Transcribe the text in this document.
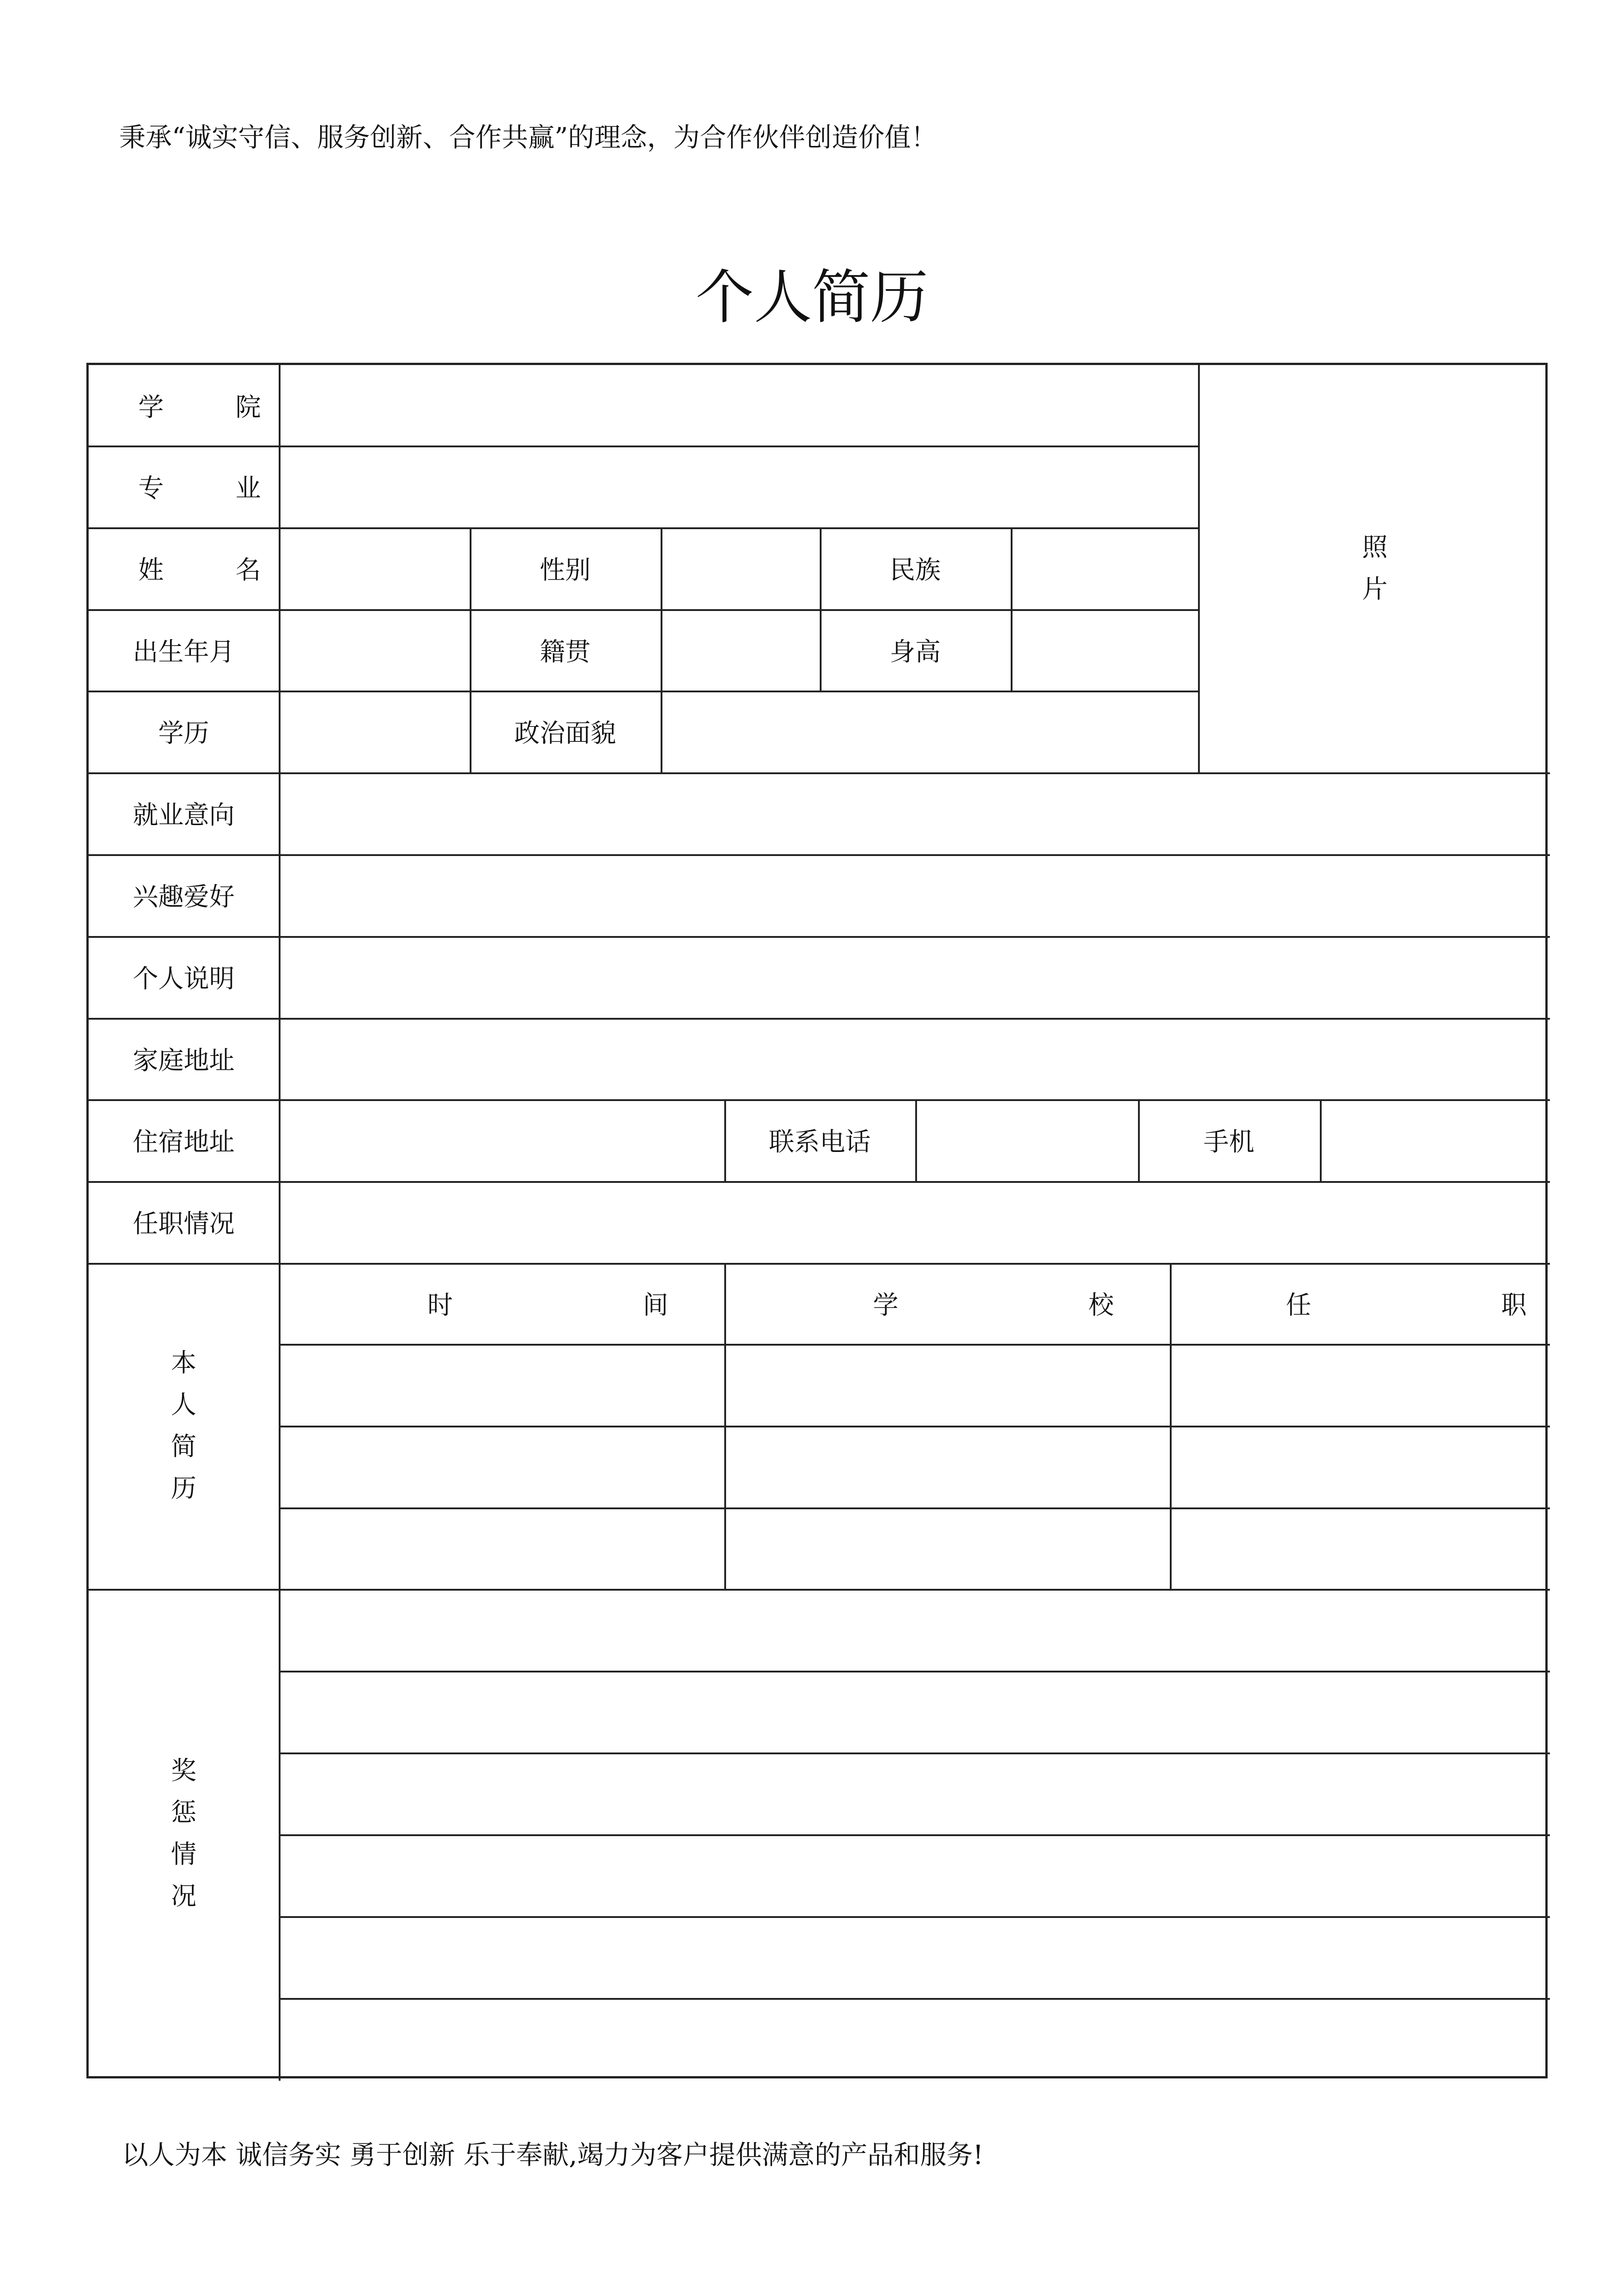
秉承“诚实守信、服务创新、合作共赢”的理念，为合作伙伴创造价值！
个人简历
学 院
专 业
姓 名	性别	民族
出生年月	籍贯	身高
学历	政治面貌
照
片
就业意向
兴趣爱好
个人说明
家庭地址
住宿地址	联系电话	手机
任职情况
本
人
简
历
时 间	学 校	任 职
奖
惩
情
况
以人为本 诚信务实 勇于创新 乐于奉献,竭力为客户提供满意的产品和服务!
